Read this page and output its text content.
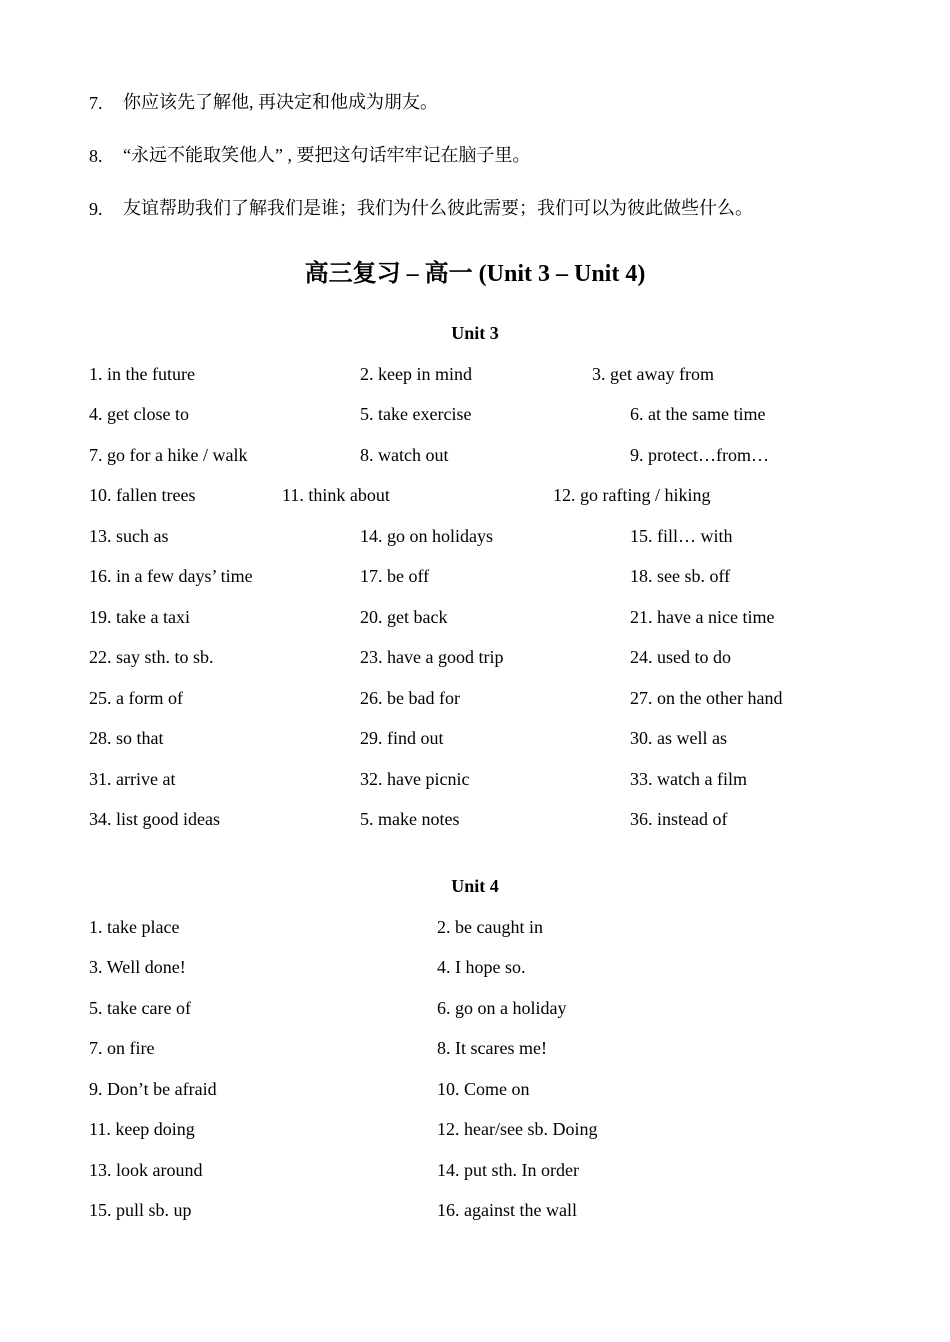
7. 你应该先了解他, 再决定和他成为朋友。
8. “永远不能取笑他人” , 要把这句话牢牢记在脑子里。
9. 友谊帮助我们了解我们是谁；我们为什么彼此需要；我们可以为彼此做些什么。
高三复习 – 高一 (Unit 3 – Unit 4)
Unit 3
1. in the future	2. keep in mind	3. get away from
4. get close to	5. take exercise	6. at the same time
7. go for a hike / walk	8. watch out	9. protect…from…
10. fallen trees	11. think about	12. go rafting / hiking
13. such as	14. go on holidays	15. fill… with
16. in a few days’ time	17. be off	18. see sb. off
19. take a taxi	20. get back	21. have a nice time
22. say sth. to sb.	23. have a good trip	24. used to do
25. a form of	26. be bad for	27. on the other hand
28. so that	29. find out	30. as well as
31. arrive at	32. have picnic	33. watch a film
34. list good ideas	5. make notes	36. instead of
Unit 4
1. take place	2. be caught in
3. Well done!	4. I hope so.
5. take care of	6. go on a holiday
7. on fire	8. It scares me!
9. Don’t be afraid	10. Come on
11. keep doing	12. hear/see sb. Doing
13. look around	14. put sth. In order
15. pull sb. up	16. against the wall
